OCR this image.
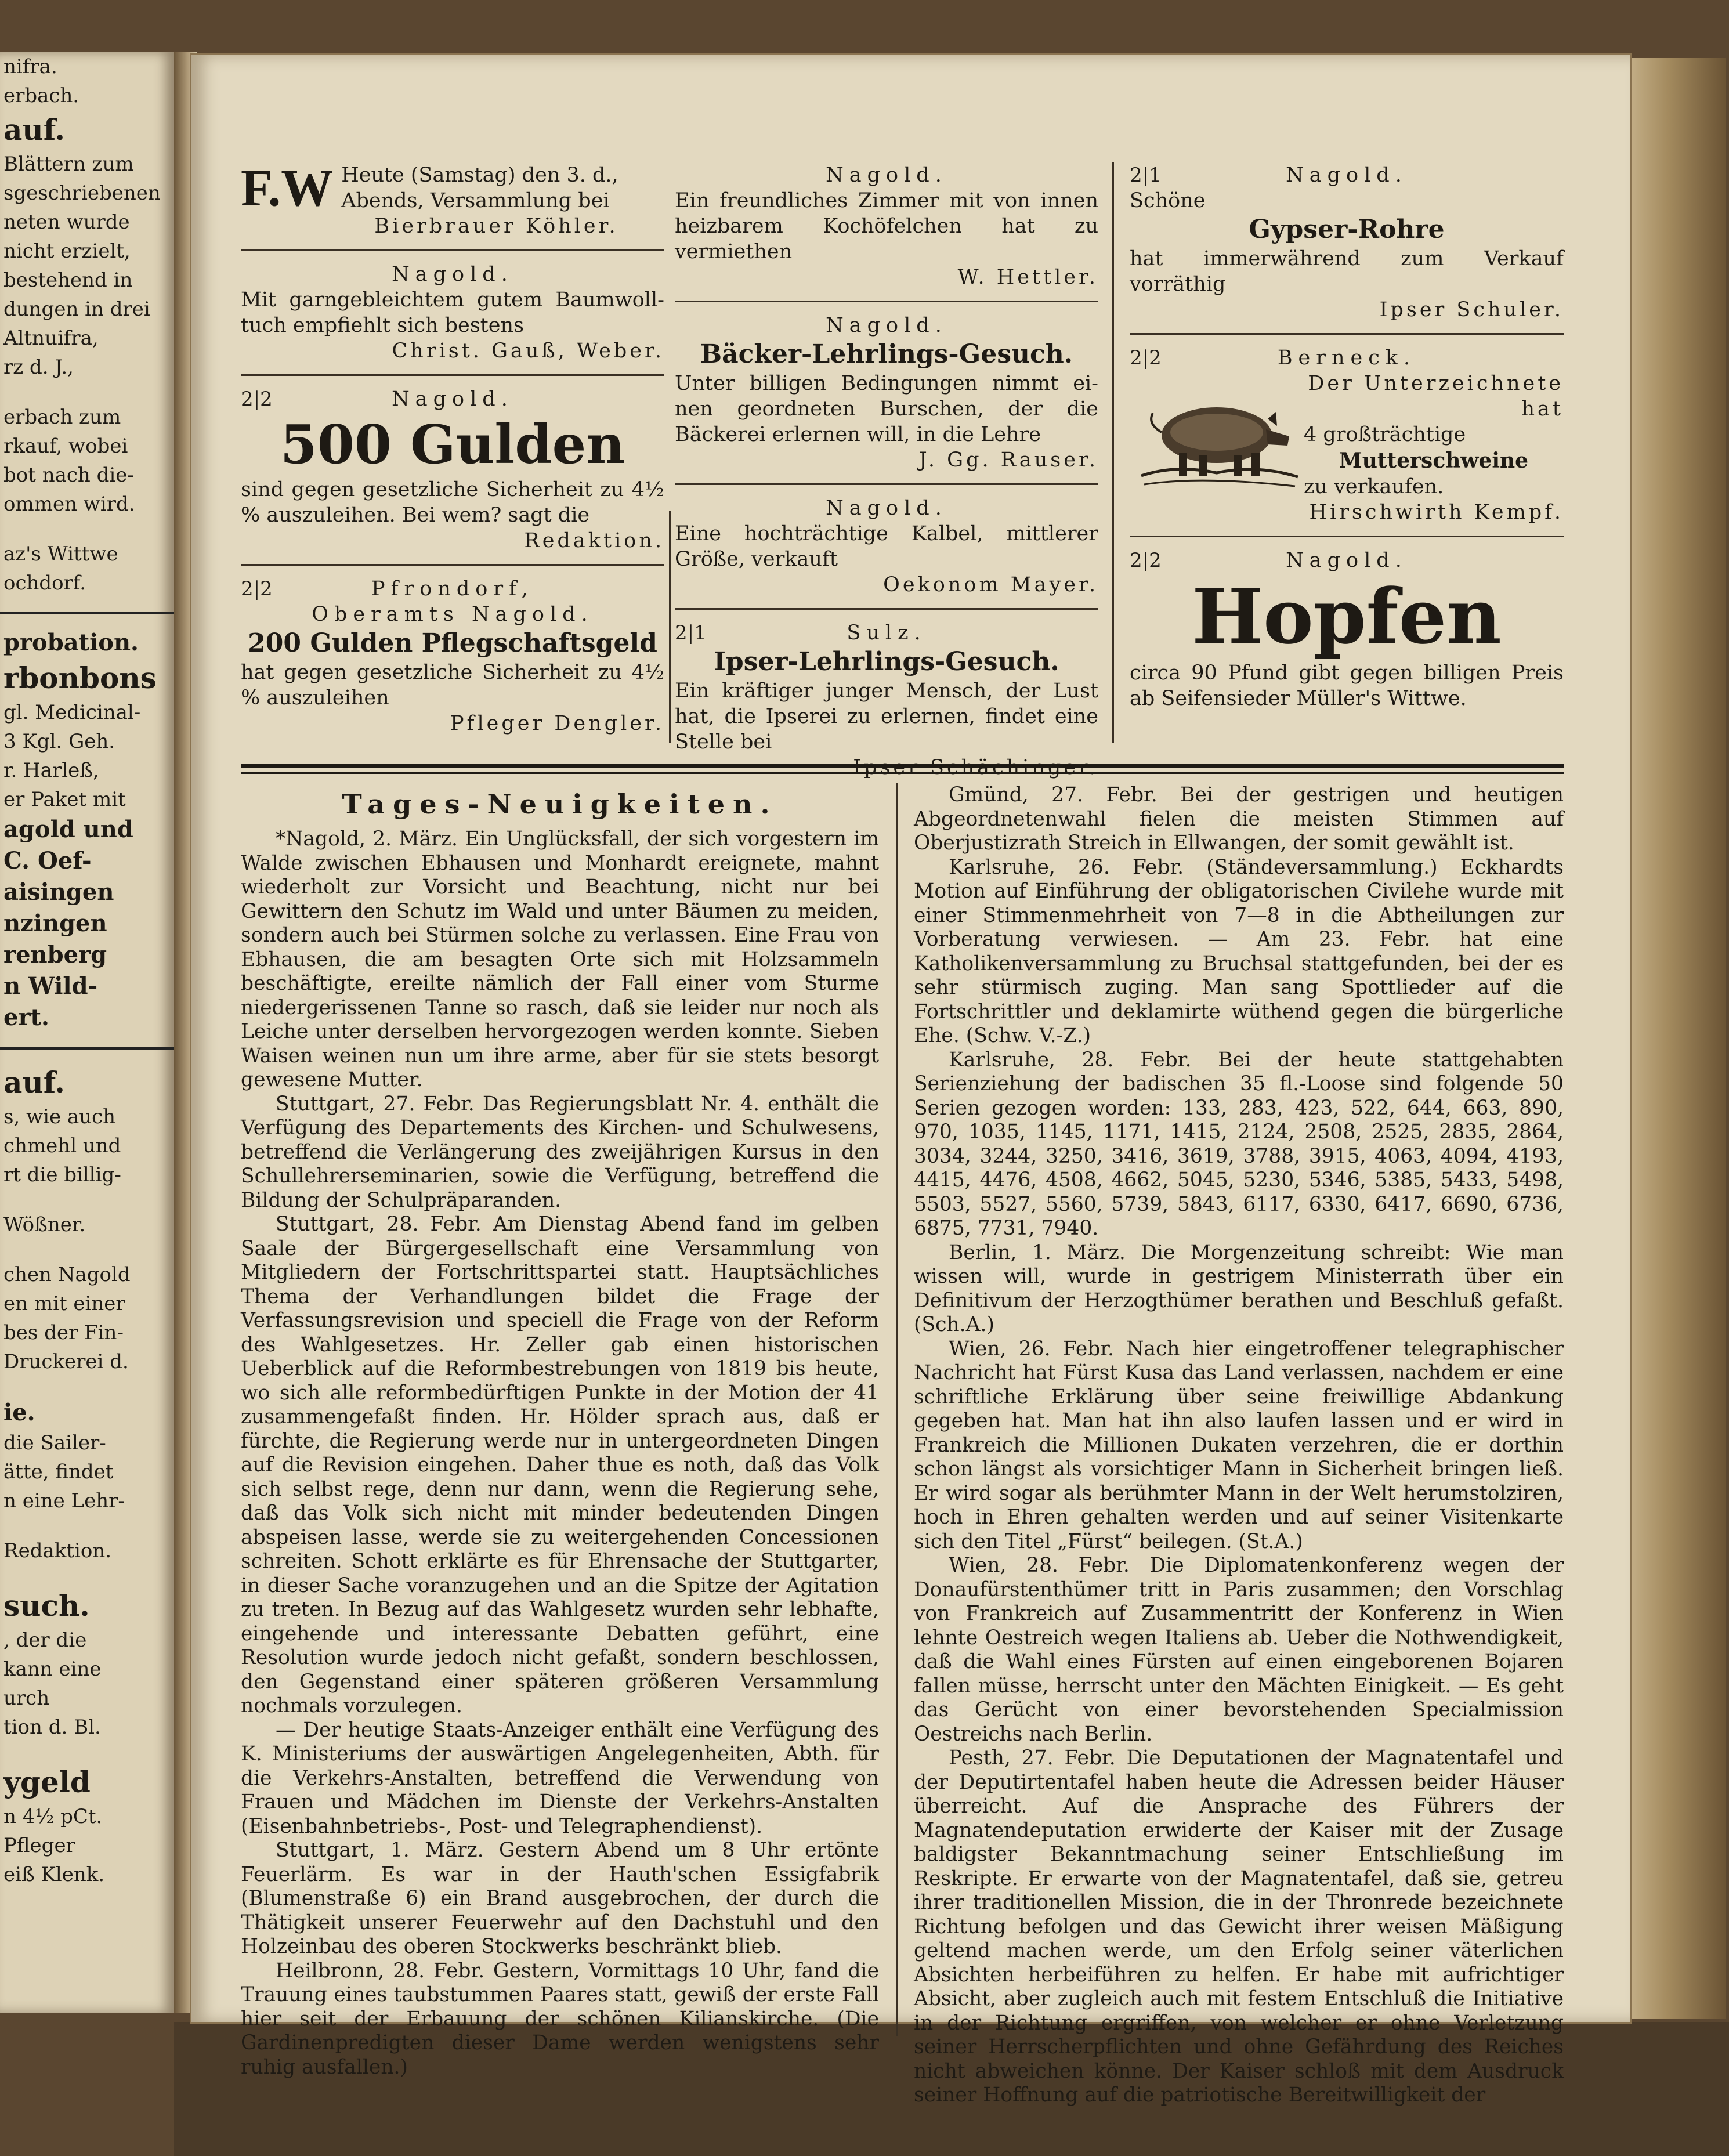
nifra.
erbach.
auf.
Blättern zum
sgeschriebenen
neten wurde
nicht erzielt,
bestehend in
dungen in drei
Altnuifra,
rz d. J.,
erbach zum
rkauf, wobei
bot nach die-
ommen wird.
az's Wittwe
ochdorf.
probation.
rbonbons
gl. Medicinal-
3 Kgl. Geh.
r. Harleß,
er Paket mit
agold und
C. Oef-
aisingen
nzingen
renberg
n Wild-
ert.
auf.
s, wie auch
chmehl und
rt die billig-
Wößner.
chen Nagold
en mit einer
bes der Fin-
Druckerei d.
ie.
die Sailer-
ätte, findet
n eine Lehr-
Redaktion.
such.
, der die
kann eine
urch
tion d. Bl.
ygeld
n 4½ pCt.
Pfleger
eiß Klenk.
F.W Heute (Samstag) den 3. d.,
Abends, Versammlung bei
Bierbrauer Köhler.
Nagold.
Mit garngebleichtem gutem Baumwoll-tuch empfiehlt sich bestens
Christ. Gauß, Weber.
2|2	Nagold.
500 Gulden
sind gegen gesetzliche Sicherheit zu 4½ % auszuleihen. Bei wem? sagt die
Redaktion.
2|2	Pfrondorf,
Oberamts Nagold.
200 Gulden Pflegschaftsgeld
hat gegen gesetzliche Sicherheit zu 4½ % auszuleihen
Pfleger Dengler.
Nagold.
Ein freundliches Zimmer mit von innen heizbarem Kochöfelchen hat zu vermiethen
W. Hettler.
Nagold.
Bäcker-Lehrlings-Gesuch.
Unter billigen Bedingungen nimmt ei-nen geordneten Burschen, der die Bäckerei erlernen will, in die Lehre
J. Gg. Rauser.
Nagold.
Eine hochträchtige Kalbel, mittlerer Größe, verkauft
Oekonom Mayer.
2|1	Sulz.
Ipser-Lehrlings-Gesuch.
Ein kräftiger junger Mensch, der Lust hat, die Ipserei zu erlernen, findet eine Stelle bei
Ipser Schächinger.
2|1	Nagold.
Schöne
Gypser-Rohre
hat immerwährend zum Verkauf vorräthig
Ipser Schuler.
2|2	Berneck.
Der Unterzeichnete hat
4 großträchtige
Mutterschweine
zu verkaufen.
Hirschwirth Kempf.
2|2	Nagold.
Hopfen
circa 90 Pfund gibt gegen billigen Preis ab Seifensieder Müller's Wittwe.
Tages-Neuigkeiten.

*Nagold, 2. März. Ein Unglücksfall, der sich vorgestern im Walde zwischen Ebhausen und Monhardt ereignete, mahnt wiederholt zur Vorsicht und Beachtung, nicht nur bei Gewittern den Schutz im Wald und unter Bäumen zu meiden, sondern auch bei Stürmen solche zu verlassen. Eine Frau von Ebhausen, die am besagten Orte sich mit Holzsammeln beschäftigte, ereilte nämlich der Fall einer vom Sturme niedergerissenen Tanne so rasch, daß sie leider nur noch als Leiche unter derselben hervorgezogen werden konnte. Sieben Waisen weinen nun um ihre arme, aber für sie stets besorgt gewesene Mutter.

Stuttgart, 27. Febr. Das Regierungsblatt Nr. 4. enthält die Verfügung des Departements des Kirchen- und Schulwesens, betreffend die Verlängerung des zweijährigen Kursus in den Schullehrerseminarien, sowie die Verfügung, betreffend die Bildung der Schulpräparanden.

Stuttgart, 28. Febr. Am Dienstag Abend fand im gelben Saale der Bürgergesellschaft eine Versammlung von Mitgliedern der Fortschrittspartei statt. Hauptsächliches Thema der Verhandlungen bildet die Frage der Verfassungsrevision und speciell die Frage von der Reform des Wahlgesetzes. Hr. Zeller gab einen historischen Ueberblick auf die Reformbestrebungen von 1819 bis heute, wo sich alle reformbedürftigen Punkte in der Motion der 41 zusammengefaßt finden. Hr. Hölder sprach aus, daß er fürchte, die Regierung werde nur in untergeordneten Dingen auf die Revision eingehen. Daher thue es noth, daß das Volk sich selbst rege, denn nur dann, wenn die Regierung sehe, daß das Volk sich nicht mit minder bedeutenden Dingen abspeisen lasse, werde sie zu weitergehenden Concessionen schreiten. Schott erklärte es für Ehrensache der Stuttgarter, in dieser Sache voranzugehen und an die Spitze der Agitation zu treten. In Bezug auf das Wahlgesetz wurden sehr lebhafte, eingehende und interessante Debatten geführt, eine Resolution wurde jedoch nicht gefaßt, sondern beschlossen, den Gegenstand einer späteren größeren Versammlung nochmals vorzulegen.

— Der heutige Staats-Anzeiger enthält eine Verfügung des K. Ministeriums der auswärtigen Angelegenheiten, Abth. für die Verkehrs-Anstalten, betreffend die Verwendung von Frauen und Mädchen im Dienste der Verkehrs-Anstalten (Eisenbahnbetriebs-, Post- und Telegraphendienst).

Stuttgart, 1. März. Gestern Abend um 8 Uhr ertönte Feuerlärm. Es war in der Hauth'schen Essigfabrik (Blumenstraße 6) ein Brand ausgebrochen, der durch die Thätigkeit unserer Feuerwehr auf den Dachstuhl und den Holzeinbau des oberen Stockwerks beschränkt blieb.

Heilbronn, 28. Febr. Gestern, Vormittags 10 Uhr, fand die Trauung eines taubstummen Paares statt, gewiß der erste Fall hier seit der Erbauung der schönen Kilianskirche. (Die Gardinenpredigten dieser Dame werden wenigstens sehr ruhig ausfallen.)

Gmünd, 27. Febr. Bei der gestrigen und heutigen Abgeordnetenwahl fielen die meisten Stimmen auf Oberjustizrath Streich in Ellwangen, der somit gewählt ist.

Karlsruhe, 26. Febr. (Ständeversammlung.) Eckhardts Motion auf Einführung der obligatorischen Civilehe wurde mit einer Stimmenmehrheit von 7—8 in die Abtheilungen zur Vorberatung verwiesen. — Am 23. Febr. hat eine Katholikenversammlung zu Bruchsal stattgefunden, bei der es sehr stürmisch zuging. Man sang Spottlieder auf die Fortschrittler und deklamirte wüthend gegen die bürgerliche Ehe. (Schw. V.-Z.)

Karlsruhe, 28. Febr. Bei der heute stattgehabten Serienziehung der badischen 35 fl.-Loose sind folgende 50 Serien gezogen worden: 133, 283, 423, 522, 644, 663, 890, 970, 1035, 1145, 1171, 1415, 2124, 2508, 2525, 2835, 2864, 3034, 3244, 3250, 3416, 3619, 3788, 3915, 4063, 4094, 4193, 4415, 4476, 4508, 4662, 5045, 5230, 5346, 5385, 5433, 5498, 5503, 5527, 5560, 5739, 5843, 6117, 6330, 6417, 6690, 6736, 6875, 7731, 7940.

Berlin, 1. März. Die Morgenzeitung schreibt: Wie man wissen will, wurde in gestrigem Ministerrath über ein Definitivum der Herzogthümer berathen und Beschluß gefaßt. (Sch.A.)

Wien, 26. Febr. Nach hier eingetroffener telegraphischer Nachricht hat Fürst Kusa das Land verlassen, nachdem er eine schriftliche Erklärung über seine freiwillige Abdankung gegeben hat. Man hat ihn also laufen lassen und er wird in Frankreich die Millionen Dukaten verzehren, die er dorthin schon längst als vorsichtiger Mann in Sicherheit bringen ließ. Er wird sogar als berühmter Mann in der Welt herumstolziren, hoch in Ehren gehalten werden und auf seiner Visitenkarte sich den Titel „Fürst“ beilegen. (St.A.)

Wien, 28. Febr. Die Diplomatenkonferenz wegen der Donaufürstenthümer tritt in Paris zusammen; den Vorschlag von Frankreich auf Zusammentritt der Konferenz in Wien lehnte Oestreich wegen Italiens ab. Ueber die Nothwendigkeit, daß die Wahl eines Fürsten auf einen eingeborenen Bojaren fallen müsse, herrscht unter den Mächten Einigkeit. — Es geht das Gerücht von einer bevorstehenden Specialmission Oestreichs nach Berlin.

Pesth, 27. Febr. Die Deputationen der Magnatentafel und der Deputirtentafel haben heute die Adressen beider Häuser überreicht. Auf die Ansprache des Führers der Magnatendeputation erwiderte der Kaiser mit der Zusage baldigster Bekanntmachung seiner Entschließung im Reskripte. Er erwarte von der Magnatentafel, daß sie, getreu ihrer traditionellen Mission, die in der Thronrede bezeichnete Richtung befolgen und das Gewicht ihrer weisen Mäßigung geltend machen werde, um den Erfolg seiner väterlichen Absichten herbeiführen zu helfen. Er habe mit aufrichtiger Absicht, aber zugleich auch mit festem Entschluß die Initiative in der Richtung ergriffen, von welcher er ohne Verletzung seiner Herrscherpflichten und ohne Gefährdung des Reiches nicht abweichen könne. Der Kaiser schloß mit dem Ausdruck seiner Hoffnung auf die patriotische Bereitwilligkeit der
